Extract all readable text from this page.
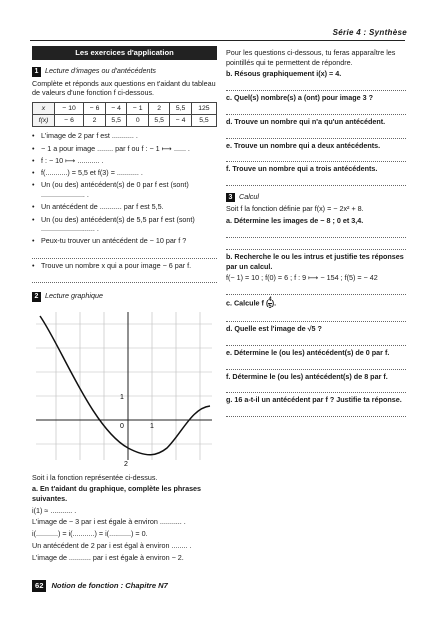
Série 4 : Synthèse
Les exercices d'application
1 Lecture d'images ou d'antécédents

Complète et réponds aux questions en t'aidant du tableau de valeurs d'une fonction f ci-dessous.

x	− 10	− 6	− 4	− 1	2	5,5	125
f(x)	− 6	2	5,5	0	5,5	− 4	5,5
• L'image de 2 par f est ........... .
• − 1 a pour image ........ par f ou f : − 1 ⟼ ...... .
• f : − 10 ⟼ ........... .
• f(...........) = 5,5 et f(3) = ........... .
• Un (ou des) antécédent(s) de 0 par f est (sont) ...................... .
• Un antécédent de ........... par f est 5,5.
• Un (ou des) antécédent(s) de 5,5 par f est (sont) ........................... .
• Peux-tu trouver un antécédent de − 10 par f ?
• Trouve un nombre x qui a pour image − 6 par f.
2 Lecture graphique
1
0	1
2

Soit i la fonction représentée ci-dessus.

a. En t'aidant du graphique, complète les phrases suivantes.

i(1) ≈ ........... .

L'image de − 3 par i est égale à environ ........... .

i(...........) = i(...........) = i(...........) = 0.

Un antécédent de 2 par i est égal à environ ........ .

L'image de ........... par i est égale à environ − 2.

Pour les questions ci-dessous, tu feras apparaître les pointillés qui te permettent de répondre.

b. Résous graphiquement i(x) = 4.

c. Quel(s) nombre(s) a (ont) pour image 3 ?

d. Trouve un nombre qui n'a qu'un antécédent.

e. Trouve un nombre qui a deux antécédents.

f. Trouve un nombre qui a trois antécédents.

3 Calcul

Soit f la fonction définie par f(x) = − 2x² + 8.

a. Détermine les images de − 8 ; 0 et 3,4.

b. Recherche le ou les intrus et justifie tes réponses par un calcul.

f(− 1) = 10 ; f(0) = 6 ; f : 9 ⟼ − 154 ; f(5) = − 42

c. Calcule f ( $\frac{4}{5}$ ).

d. Quelle est l'image de √5 ?

e. Détermine le (ou les) antécédent(s) de 0 par f.

f. Détermine le (ou les) antécédent(s) de 8 par f.

g. 16 a-t-il un antécédent par f ? Justifie ta réponse.

62 Notion de fonction : Chapitre N7
